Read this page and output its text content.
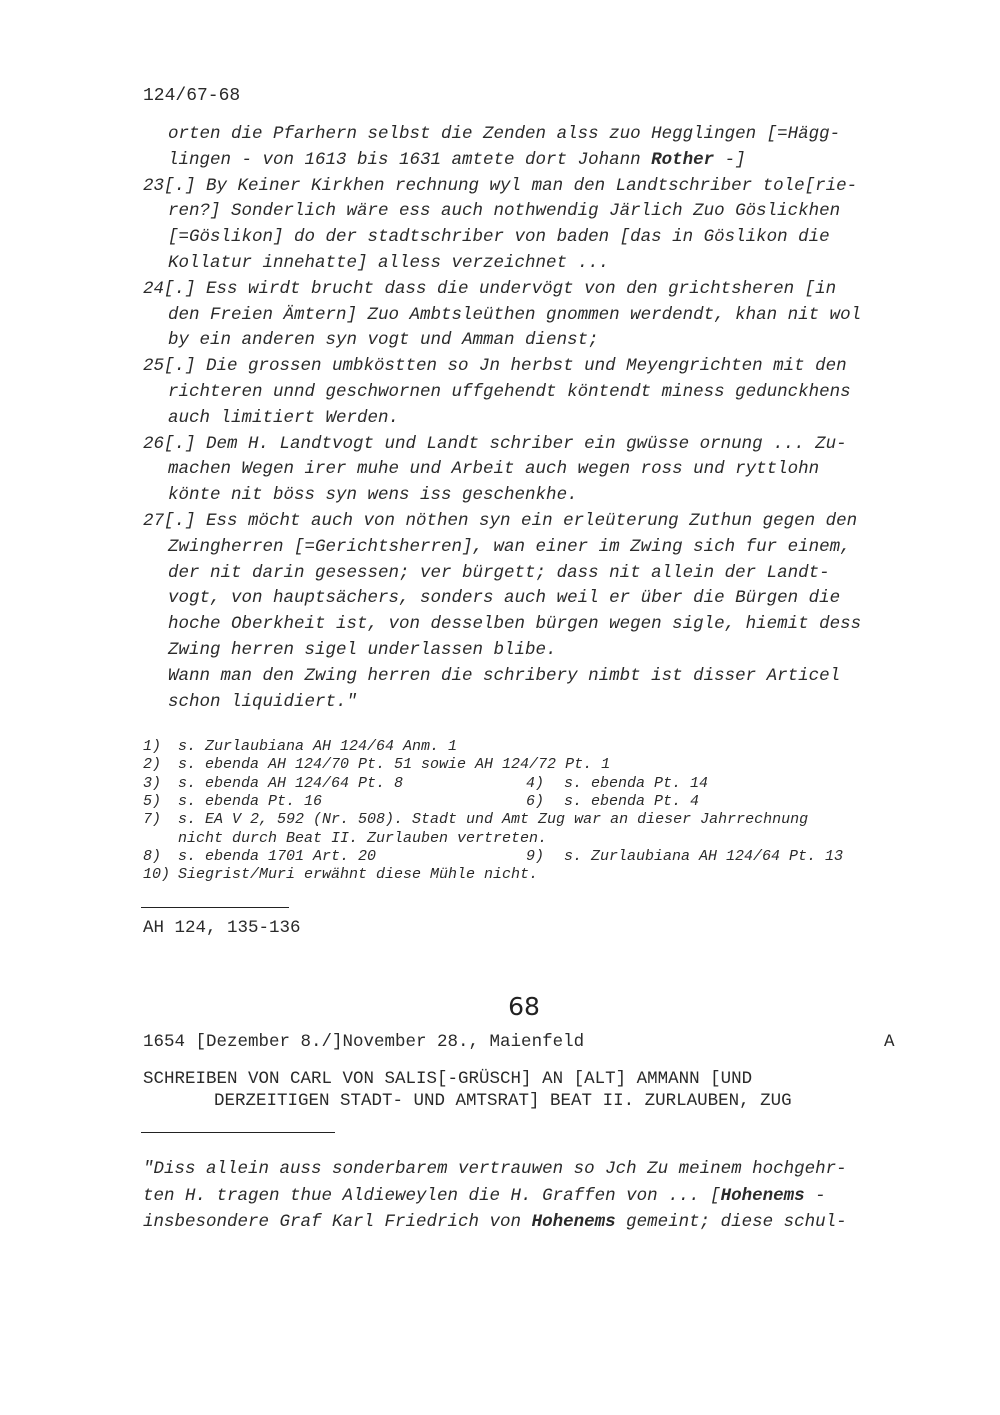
124/67-68
orten die Pfarhern selbst die Zenden alss zuo Hegglingen [=Hägg-
lingen - von 1613 bis 1631 amtete dort Johann Rother -]
23[.] By Keiner Kirkhen rechnung wyl man den Landtschriber tole[rie-
ren?] Sonderlich wäre ess auch nothwendig Järlich Zuo Göslickhen
[=Göslikon] do der stadtschriber von baden [das in Göslikon die
Kollatur innehatte] alless verzeichnet ...
24[.] Ess wirdt brucht dass die undervögt von den grichtsheren [in
den Freien Ämtern] Zuo Ambtsleüthen gnommen werdendt, khan nit wol
by ein anderen syn vogt und Amman dienst;
25[.] Die grossen umbköstten so Jn herbst und Meyengrichten mit den
richteren unnd geschwornen uffgehendt köntendt miness gedunckhens
auch limitiert Werden.
26[.] Dem H. Landtvogt und Landt schriber ein gwüsse ornung ... Zu-
machen Wegen irer muhe und Arbeit auch wegen ross und ryttlohn
könte nit böss syn wens iss geschenkhe.
27[.] Ess möcht auch von nöthen syn ein erleüterung Zuthun gegen den
Zwingherren [=Gerichtsherren], wan einer im Zwing sich fur einem,
der nit darin gesessen; ver bürgett; dass nit allein der Landt-
vogt, von hauptsächers, sonders auch weil er über die Bürgen die
hoche Oberkheit ist, von desselben bürgen wegen sigle, hiemit dess
Zwing herren sigel underlassen blibe.
Wann man den Zwing herren die schribery nimbt ist disser Articel
schon liquidiert."
1) s. Zurlaubiana AH 124/64 Anm. 1
2) s. ebenda AH 124/70 Pt. 51 sowie AH 124/72 Pt. 1
3) s. ebenda AH 124/64 Pt. 8	4) s. ebenda Pt. 14
5) s. ebenda Pt. 16	6) s. ebenda Pt. 4
7) s. EA V 2, 592 (Nr. 508). Stadt und Amt Zug war an dieser Jahrrechnung
nicht durch Beat II. Zurlauben vertreten.
8) s. ebenda 1701 Art. 20	9) s. Zurlaubiana AH 124/64 Pt. 13
10) Siegrist/Muri erwähnt diese Mühle nicht.
AH 124, 135-136
68
1654 [Dezember 8./]November 28., Maienfeld	A
SCHREIBEN VON CARL VON SALIS[-GRÜSCH] AN [ALT] AMMANN [UND
DERZEITIGEN STADT- UND AMTSRAT] BEAT II. ZURLAUBEN, ZUG
"Diss allein auss sonderbarem vertrauwen so Jch Zu meinem hochgehr-
ten H. tragen thue Aldieweylen die H. Graffen von ... [Hohenems -
insbesondere Graf Karl Friedrich von Hohenems gemeint; diese schul-
